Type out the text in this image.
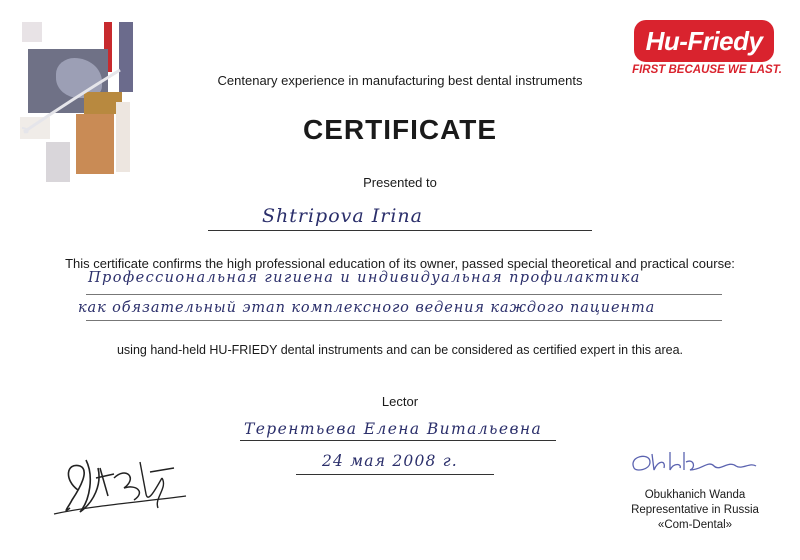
Hu-Friedy
FIRST BECAUSE WE LAST.
Centenary experience in manufacturing best dental instruments
CERTIFICATE
Presented to
Shtripova Irina
This certificate confirms the high professional education of its owner, passed special theoretical and practical course:
Профессиональная гигиена и индивидуальная профилактика
как обязательный этап комплексного ведения каждого пациента
using hand-held HU-FRIEDY dental instruments and can be considered as certified expert in this area.
Lector
Терентьева Елена Витальевна
24 мая 2008 г.
Obukhanich Wanda
Representative in Russia
«Com-Dental»
